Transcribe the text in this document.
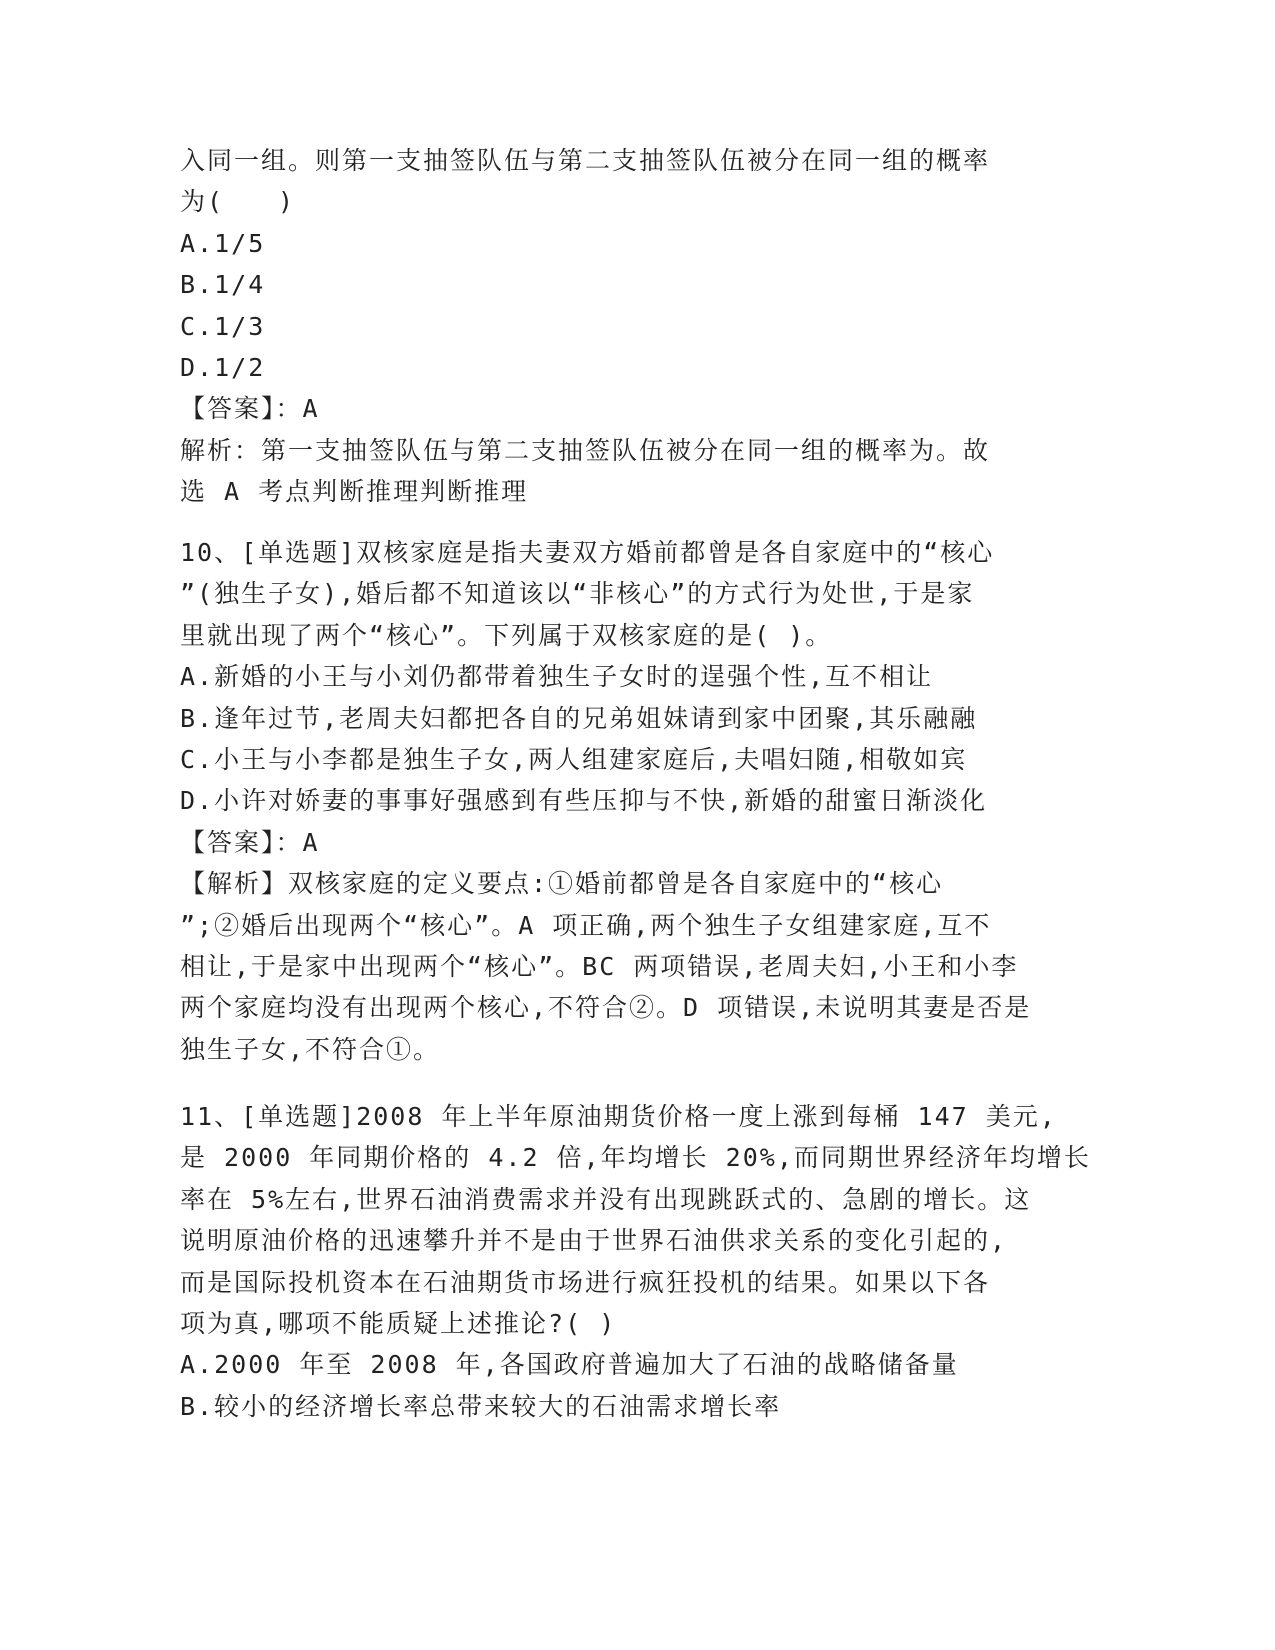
入同一组。则第一支抽签队伍与第二支抽签队伍被分在同一组的概率
为(　　)
A.1/5
B.1/4
C.1/3
D.1/2
【答案】：A
解析：第一支抽签队伍与第二支抽签队伍被分在同一组的概率为。故
选 A 考点判断推理判断推理
10、[单选题]双核家庭是指夫妻双方婚前都曾是各自家庭中的“核心
”(独生子女),婚后都不知道该以“非核心”的方式行为处世,于是家
里就出现了两个“核心”。下列属于双核家庭的是( )。
A.新婚的小王与小刘仍都带着独生子女时的逞强个性,互不相让
B.逢年过节,老周夫妇都把各自的兄弟姐妹请到家中团聚,其乐融融
C.小王与小李都是独生子女,两人组建家庭后,夫唱妇随,相敬如宾
D.小许对娇妻的事事好强感到有些压抑与不快,新婚的甜蜜日渐淡化
【答案】：A
【解析】双核家庭的定义要点:①婚前都曾是各自家庭中的“核心
”;②婚后出现两个“核心”。A 项正确,两个独生子女组建家庭,互不
相让,于是家中出现两个“核心”。BC 两项错误,老周夫妇,小王和小李
两个家庭均没有出现两个核心,不符合②。D 项错误,未说明其妻是否是
独生子女,不符合①。
11、[单选题]2008 年上半年原油期货价格一度上涨到每桶 147 美元,
是 2000 年同期价格的 4.2 倍,年均增长 20%,而同期世界经济年均增长
率在 5%左右,世界石油消费需求并没有出现跳跃式的、急剧的增长。这
说明原油价格的迅速攀升并不是由于世界石油供求关系的变化引起的,
而是国际投机资本在石油期货市场进行疯狂投机的结果。如果以下各
项为真,哪项不能质疑上述推论?( )
A.2000 年至 2008 年,各国政府普遍加大了石油的战略储备量
B.较小的经济增长率总带来较大的石油需求增长率
